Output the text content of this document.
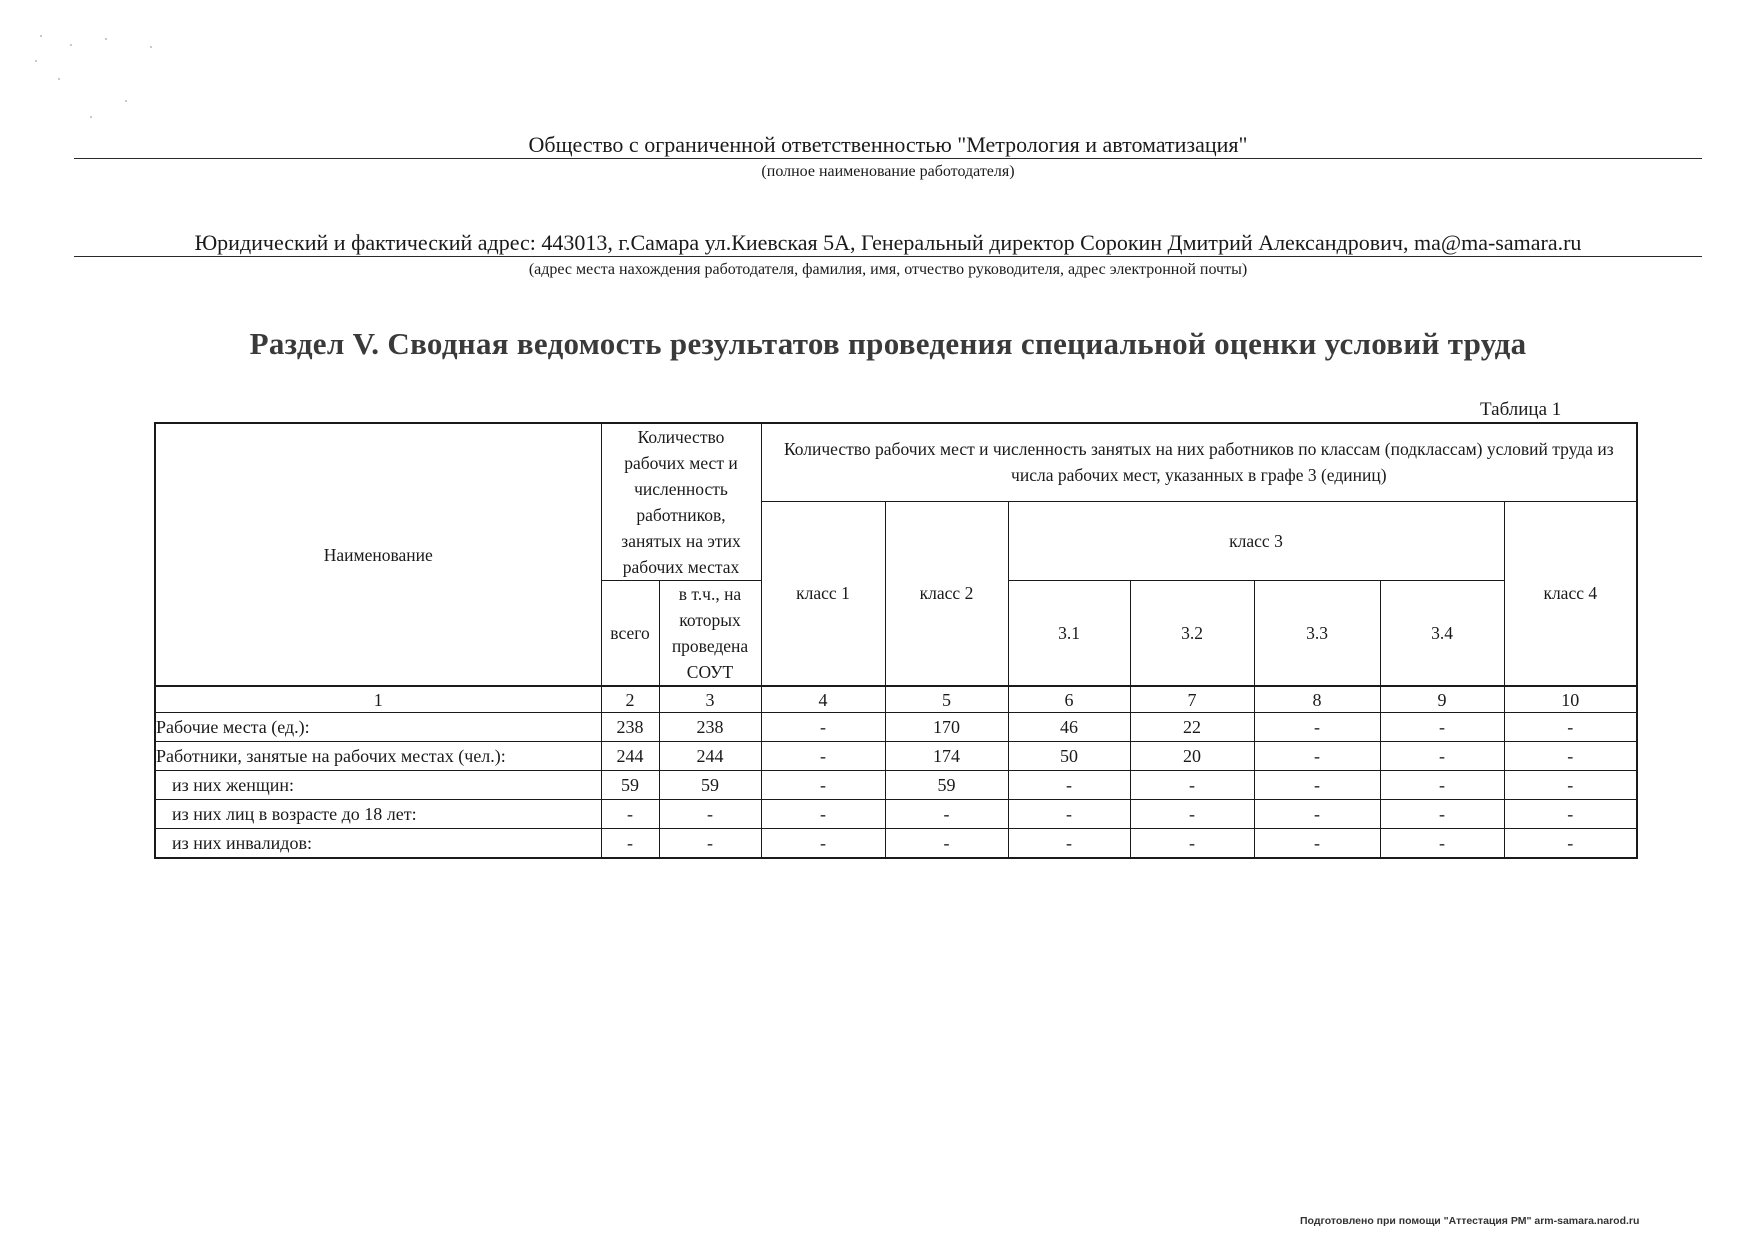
Общество с ограниченной ответственностью "Метрология и автоматизация"
(полное наименование работодателя)
Юридический и фактический адрес: 443013, г.Самара ул.Киевская 5А, Генеральный директор Сорокин Дмитрий Александрович, ma@ma-samara.ru
(адрес места нахождения работодателя, фамилия, имя, отчество руководителя, адрес электронной почты)
Раздел V. Сводная ведомость результатов проведения специальной оценки условий труда
Таблица 1
Наименование	Количество рабочих мест и численность работников, занятых на этих рабочих местах		Количество рабочих мест и численность занятых на них работников по классам (подклассам) условий труда из числа рабочих мест, указанных в графе 3 (единиц)						
			класс 1	класс 2	класс 3				класс 4
	всего	в т.ч., на которых проведена СОУТ			3.1	3.2	3.3	3.4	
1	2	3	4	5	6	7	8	9	10
Рабочие места (ед.):	238	238	-	170	46	22	-	-	-
Работники, занятые на рабочих местах (чел.):	244	244	-	174	50	20	-	-	-
из них женщин:	59	59	-	59	-	-	-	-	-
из них лиц в возрасте до 18 лет:	-	-	-	-	-	-	-	-	-
из них инвалидов:	-	-	-	-	-	-	-	-	-
Подготовлено при помощи "Аттестация РМ" arm-samara.narod.ru
